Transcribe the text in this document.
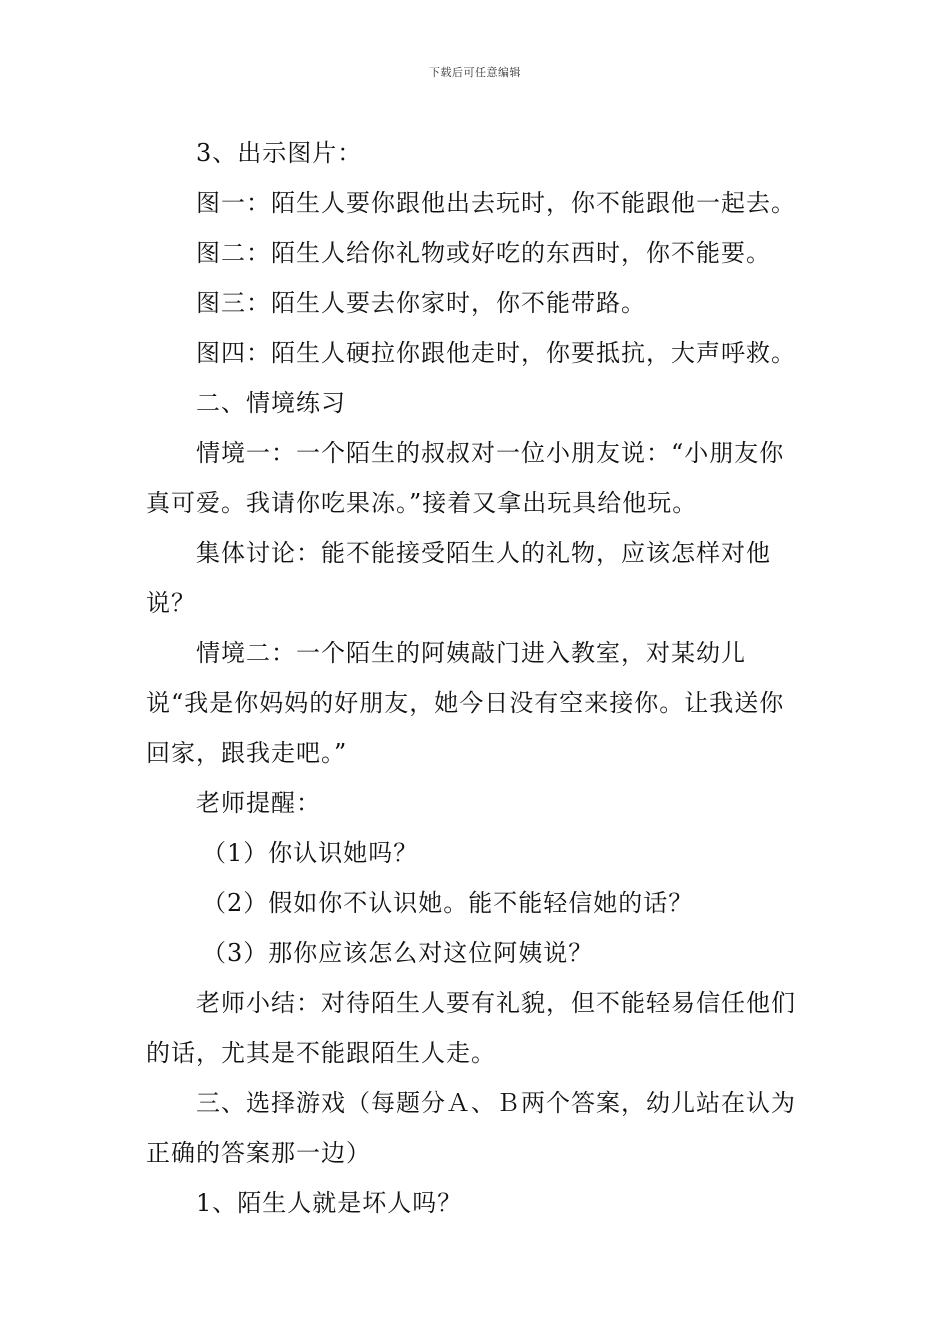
下载后可任意编辑

3、出示图片：

图一：陌生人要你跟他出去玩时，你不能跟他一起去。

图二：陌生人给你礼物或好吃的东西时，你不能要。

图三：陌生人要去你家时，你不能带路。

图四：陌生人硬拉你跟他走时，你要抵抗，大声呼救。

二、情境练习

情境一：一个陌生的叔叔对一位小朋友说：“小朋友你真可爱。我请你吃果冻。”接着又拿出玩具给他玩。

集体讨论：能不能接受陌生人的礼物，应该怎样对他说？

情境二：一个陌生的阿姨敲门进入教室，对某幼儿说“我是你妈妈的好朋友，她今日没有空来接你。让我送你回家，跟我走吧。”

老师提醒：

（1）你认识她吗？

（2）假如你不认识她。能不能轻信她的话？

（3）那你应该怎么对这位阿姨说？

老师小结：对待陌生人要有礼貌，但不能轻易信任他们的话，尤其是不能跟陌生人走。

三、选择游戏（每题分Ａ、Ｂ两个答案，幼儿站在认为正确的答案那一边）

1、陌生人就是坏人吗？
